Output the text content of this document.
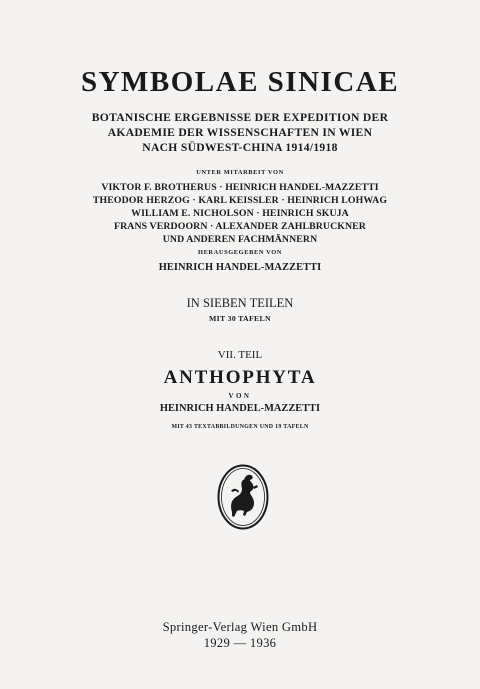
SYMBOLAE SINICAE
BOTANISCHE ERGEBNISSE DER EXPEDITION DER
AKADEMIE DER WISSENSCHAFTEN IN WIEN
NACH SÜDWEST-CHINA 1914/1918
UNTER MITARBEIT VON
VIKTOR F. BROTHERUS · HEINRICH HANDEL-MAZZETTI
THEODOR HERZOG · KARL KEISSLER · HEINRICH LOHWAG
WILLIAM E. NICHOLSON · HEINRICH SKUJA
FRANS VERDOORN · ALEXANDER ZAHLBRUCKNER
UND ANDEREN FACHMÄNNERN
HERAUSGEGEBEN VON
HEINRICH HANDEL-MAZZETTI
IN SIEBEN TEILEN
MIT 30 TAFELN
VII. TEIL
ANTHOPHYTA
VON
HEINRICH HANDEL-MAZZETTI
MIT 43 TEXTABBILDUNGEN UND 19 TAFELN
Springer-Verlag Wien GmbH
1929 — 1936
